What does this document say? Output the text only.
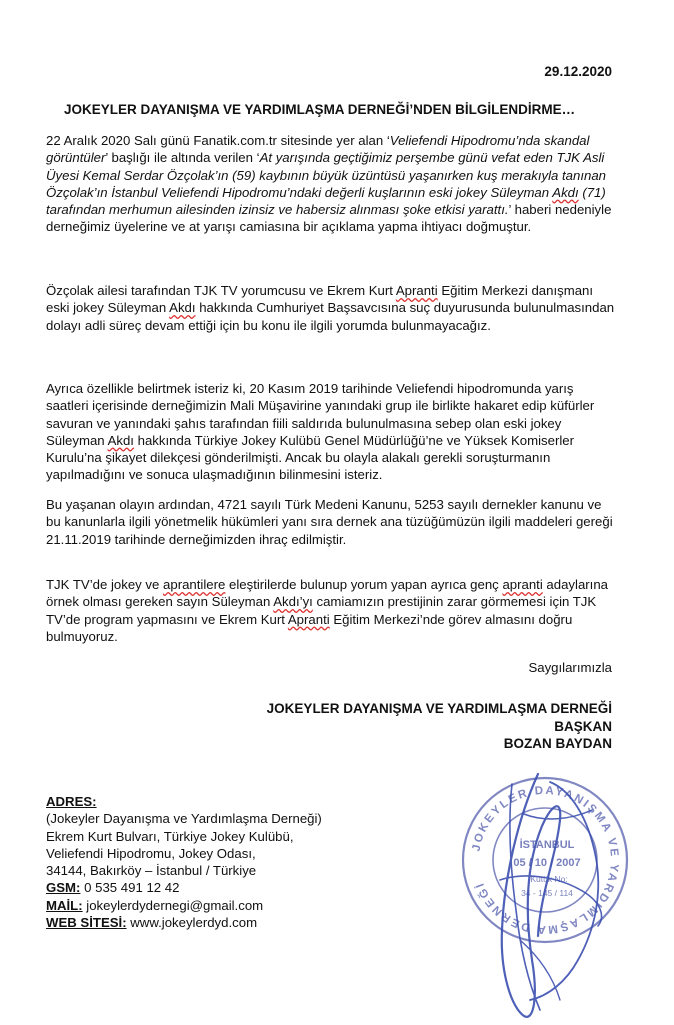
29.12.2020
JOKEYLER DAYANIŞMA VE YARDIMLAŞMA DERNEĞİ’NDEN BİLGİLENDİRME…

22 Aralık 2020 Salı günü Fanatik.com.tr sitesinde yer alan ‘Veliefendi Hipodromu’nda skandal görüntüler’ başlığı ile altında verilen ‘At yarışında geçtiğimiz perşembe günü vefat eden TJK Asli Üyesi Kemal Serdar Özçolak’ın (59) kaybının büyük üzüntüsü yaşanırken kuş merakıyla tanınan Özçolak’ın İstanbul Veliefendi Hipodromu’ndaki değerli kuşlarının eski jokey Süleyman Akdı (71) tarafından merhumun ailesinden izinsiz ve habersiz alınması şoke etkisi yarattı.’ haberi nedeniyle derneğimiz üyelerine ve at yarışı camiasına bir açıklama yapma ihtiyacı doğmuştur.

Özçolak ailesi tarafından TJK TV yorumcusu ve Ekrem Kurt Apranti Eğitim Merkezi danışmanı eski jokey Süleyman Akdı hakkında Cumhuriyet Başsavcısına suç duyurusunda bulunulmasından dolayı adli süreç devam ettiği için bu konu ile ilgili yorumda bulunmayacağız.

Ayrıca özellikle belirtmek isteriz ki, 20 Kasım 2019 tarihinde Veliefendi hipodromunda yarış saatleri içerisinde derneğimizin Mali Müşavirine yanındaki grup ile birlikte hakaret edip küfürler savuran ve yanındaki şahıs tarafından fiili saldırıda bulunulmasına sebep olan eski jokey Süleyman Akdı hakkında Türkiye Jokey Kulübü Genel Müdürlüğü’ne ve Yüksek Komiserler Kurulu’na şikayet dilekçesi gönderilmişti. Ancak bu olayla alakalı gerekli soruşturmanın yapılmadığını ve sonuca ulaşmadığının bilinmesini isteriz.

Bu yaşanan olayın ardından, 4721 sayılı Türk Medeni Kanunu, 5253 sayılı dernekler kanunu ve bu kanunlarla ilgili yönetmelik hükümleri yanı sıra dernek ana tüzüğümüzün ilgili maddeleri gereği 21.11.2019 tarihinde derneğimizden ihraç edilmiştir.

TJK TV’de jokey ve aprantilere eleştirilerde bulunup yorum yapan ayrıca genç apranti adaylarına örnek olması gereken sayın Süleyman Akdı’yı camiamızın prestijinin zarar görmemesi için TJK TV’de program yapmasını ve Ekrem Kurt Apranti Eğitim Merkezi’nde görev almasını doğru bulmuyoruz.

Saygılarımızla
JOKEYLER DAYANIŞMA VE YARDIMLAŞMA DERNEĞİ
BAŞKAN
BOZAN BAYDAN
ADRES:
(Jokeyler Dayanışma ve Yardımlaşma Derneği)
Ekrem Kurt Bulvarı, Türkiye Jokey Kulübü,
Veliefendi Hipodromu, Jokey Odası,
34144, Bakırköy – İstanbul / Türkiye
GSM: 0 535 491 12 42
MAİL: jokeylerdydernegi@gmail.com
WEB SİTESİ: www.jokeylerdyd.com
JOKEYLER DAYANIŞMA VE YARDIMLAŞMA DERNEĞİ
İSTANBUL
05 / 10 / 2007
Kütük No:
34 - 145 / 114
